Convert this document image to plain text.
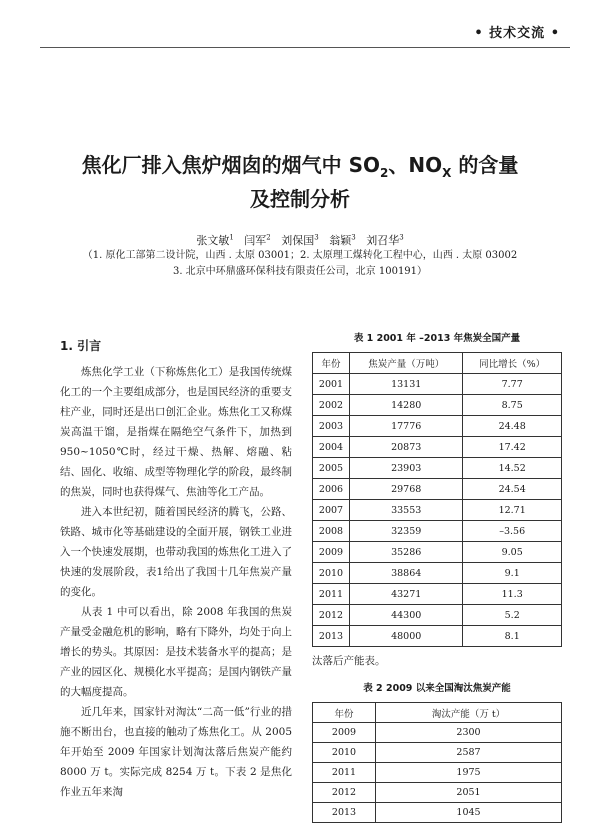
• 技术交流 •
焦化厂排入焦炉烟囱的烟气中 $SO_2$、$NO_X$ 的含量
及控制分析
张文敏$^1$ 闫军$^2$ 刘保国$^3$ 翁颖$^3$ 刘召华$^3$
（1. 原化工部第二设计院，山西 . 太原 03001；2. 太原理工煤转化工程中心，山西 . 太原 03002
3. 北京中环鼎盛环保科技有限责任公司，北京 100191）
1. 引言

炼焦化学工业（下称炼焦化工）是我国传统煤化工的一个主要组成部分，也是国民经济的重要支柱产业，同时还是出口创汇企业。炼焦化工又称煤炭高温干馏，是指煤在隔绝空气条件下，加热到950~1050℃时，经过干燥、热解、熔融、粘结、固化、收缩、成型等物理化学的阶段，最终制的焦炭，同时也获得煤气、焦油等化工产品。

进入本世纪初，随着国民经济的腾飞，公路、铁路、城市化等基础建设的全面开展，钢铁工业进入一个快速发展期，也带动我国的炼焦化工进入了快速的发展阶段，表1给出了我国十几年焦炭产量的变化。

从表 1 中可以看出，除 2008 年我国的焦炭产量受金融危机的影响，略有下降外，均处于向上增长的势头。其原因：是技术装备水平的提高；是产业的园区化、规模化水平提高；是国内钢铁产量的大幅度提高。

近几年来，国家针对淘汰“二高一低”行业的措施不断出台，也直接的触动了炼焦化工。从 2005 年开始至 2009 年国家计划淘汰落后焦炭产能约 8000 万 t。实际完成 8254 万 t。下表 2 是焦化作业五年来淘

表 1 2001 年 –2013 年焦炭全国产量
年份	焦炭产量（万吨）	同比增长（%）
2001	13131	7.77
2002	14280	8.75
2003	17776	24.48
2004	20873	17.42
2005	23903	14.52
2006	29768	24.54
2007	33553	12.71
2008	32359	–3.56
2009	35286	9.05
2010	38864	9.1
2011	43271	11.3
2012	44300	5.2
2013	48000	8.1
汰落后产能表。
表 2 2009 以来全国淘汰焦炭产能
年份	淘汰产能（万 t）
2009	2300
2010	2587
2011	1975
2012	2051
2013	1045
